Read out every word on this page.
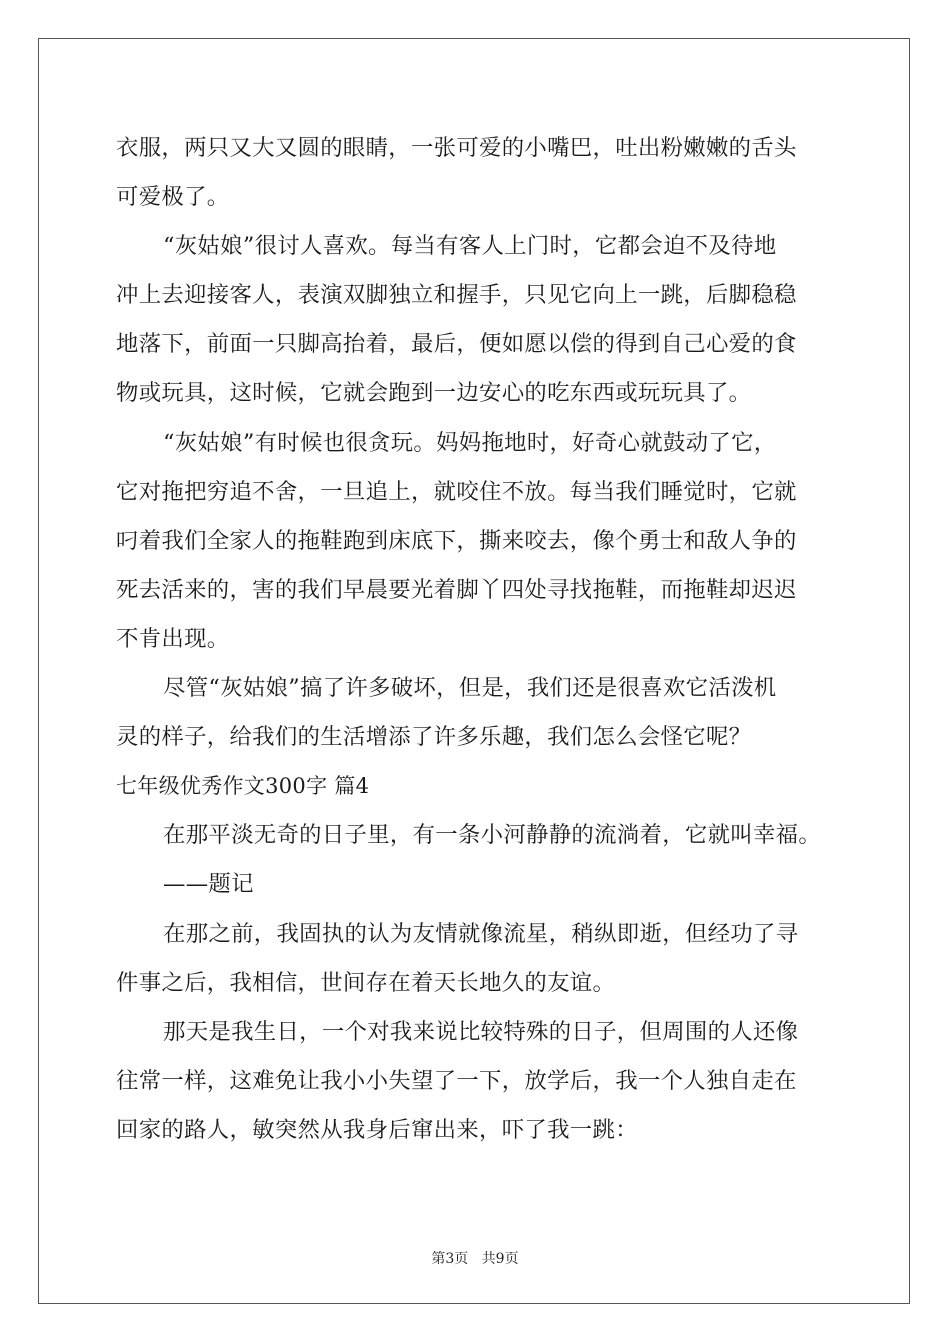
衣服，两只又大又圆的眼睛，一张可爱的小嘴巴，吐出粉嫩嫩的舌头
可爱极了。
“灰姑娘”很讨人喜欢。每当有客人上门时，它都会迫不及待地
冲上去迎接客人，表演双脚独立和握手，只见它向上一跳，后脚稳稳
地落下，前面一只脚高抬着，最后，便如愿以偿的得到自己心爱的食
物或玩具，这时候，它就会跑到一边安心的吃东西或玩玩具了。
“灰姑娘”有时候也很贪玩。妈妈拖地时，好奇心就鼓动了它，
它对拖把穷追不舍，一旦追上，就咬住不放。每当我们睡觉时，它就
叼着我们全家人的拖鞋跑到床底下，撕来咬去，像个勇士和敌人争的
死去活来的，害的我们早晨要光着脚丫四处寻找拖鞋，而拖鞋却迟迟
不肯出现。
尽管“灰姑娘”搞了许多破坏，但是，我们还是很喜欢它活泼机
灵的样子，给我们的生活增添了许多乐趣，我们怎么会怪它呢？
七年级优秀作文300字 篇4
在那平淡无奇的日子里，有一条小河静静的流淌着，它就叫幸福。
——题记
在那之前，我固执的认为友情就像流星，稍纵即逝，但经功了寻
件事之后，我相信，世间存在着天长地久的友谊。
那天是我生日，一个对我来说比较特殊的日子，但周围的人还像
往常一样，这难免让我小小失望了一下，放学后，我一个人独自走在
回家的路人，敏突然从我身后窜出来，吓了我一跳：
第3页 共9页
